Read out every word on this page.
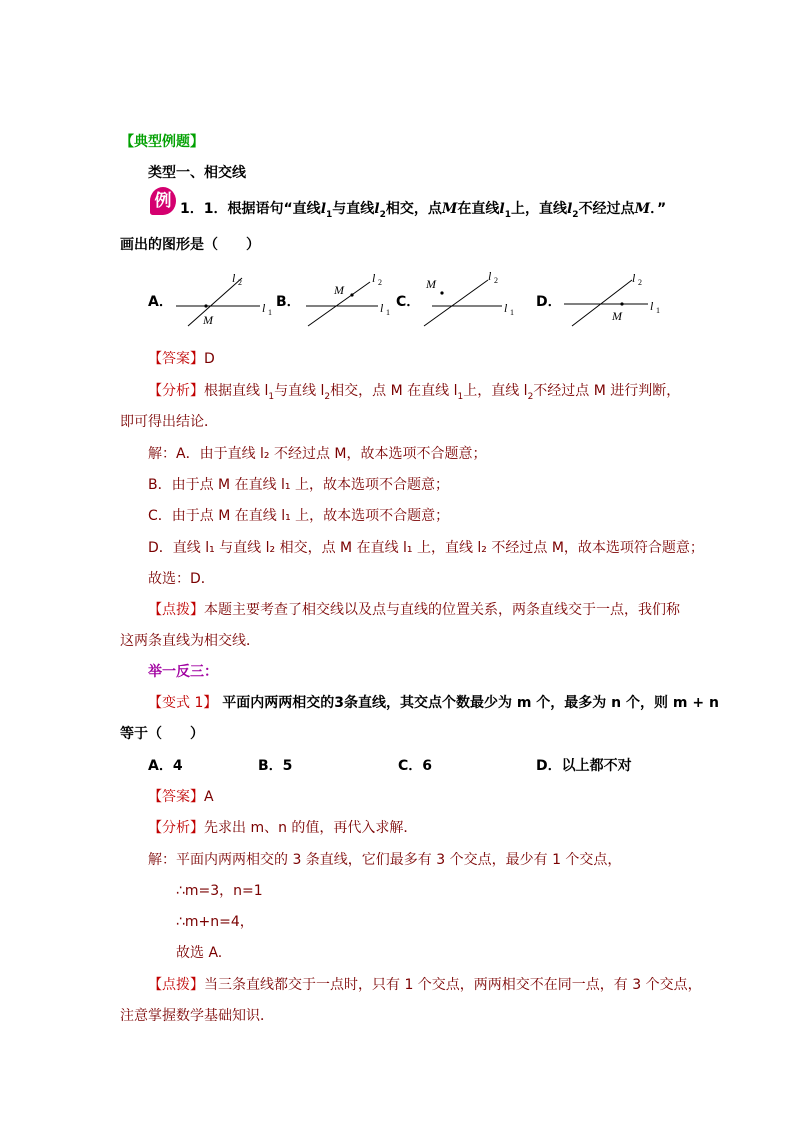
【典型例题】
类型一、相交线
例 1．1．根据语句“直线$l_1$与直线$l_2$相交，点M在直线$l_1$上，直线$l_2$不经过点M．”
画出的图形是（　　）
A．
l 2
l 1
M
B．
l 2
l 1
M
C．
l 2
l 1
M
D．
l 2
l 1
M
【答案】D
【分析】根据直线 $l_1$与直线 $l_2$相交，点 M 在直线 $l_1$上，直线 $l_2$不经过点 M 进行判断，
即可得出结论．
解：A．由于直线 l₂ 不经过点 M，故本选项不合题意；
B．由于点 M 在直线 l₁ 上，故本选项不合题意；
C．由于点 M 在直线 l₁ 上，故本选项不合题意；
D．直线 l₁ 与直线 l₂ 相交，点 M 在直线 l₁ 上，直线 l₂ 不经过点 M，故本选项符合题意；
故选：D．
【点拨】本题主要考查了相交线以及点与直线的位置关系，两条直线交于一点，我们称
这两条直线为相交线．
举一反三：
【变式 1】 平面内两两相交的3条直线，其交点个数最少为 m 个，最多为 n 个，则 m + n
等于（　　）
A．4	B．5	C．6	D．以上都不对
【答案】A
【分析】先求出 m、n 的值，再代入求解．
解：平面内两两相交的 3 条直线，它们最多有 3 个交点，最少有 1 个交点，
∴m=3，n=1
∴m+n=4，
故选 A.
【点拨】当三条直线都交于一点时，只有 1 个交点，两两相交不在同一点，有 3 个交点，
注意掌握数学基础知识．
